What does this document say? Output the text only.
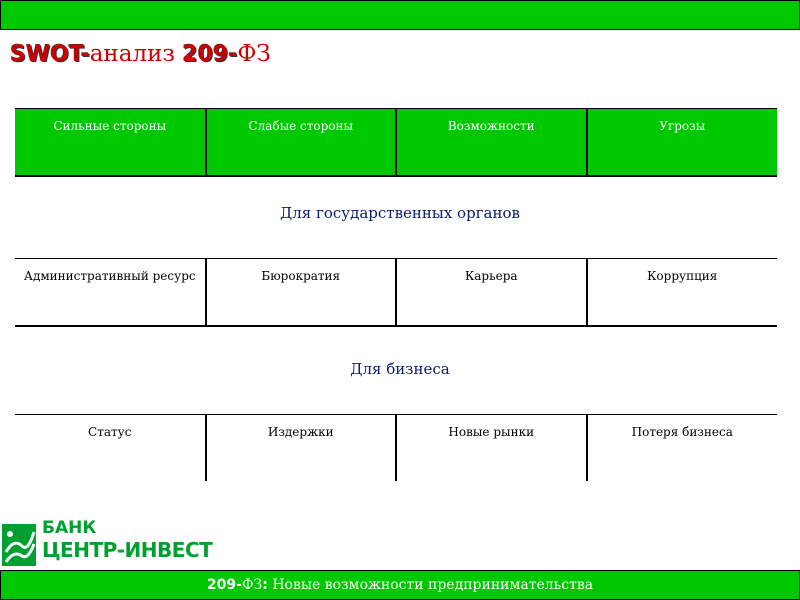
SWOT-анализ 209-ФЗ
Сильные стороны	Слабые стороны	Возможности	Угрозы
Для государственных органов
Административный ресурс	Бюрократия	Карьера	Коррупция
Для бизнеса
Статус	Издержки	Новые рынки	Потеря бизнеса
БАНК
ЦЕНТР-ИНВЕСТ
209-ФЗ: Новые возможности предпринимательства
